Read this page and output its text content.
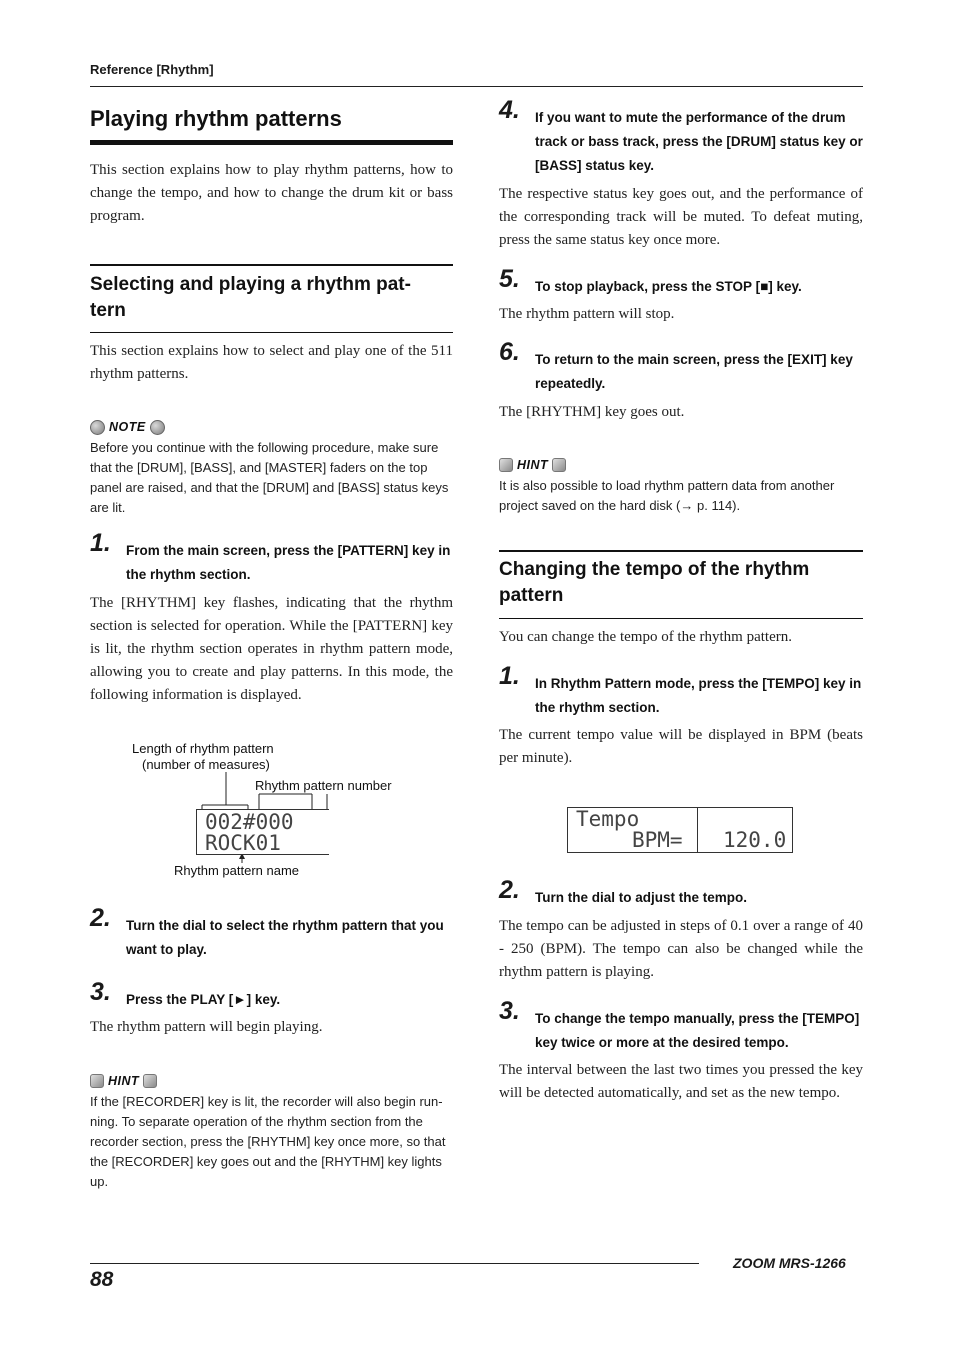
Reference [Rhythm]
Playing rhythm patterns
This section explains how to play rhythm patterns, how to change the tempo, and how to change the drum kit or bass program.
Selecting and playing a rhythm pat-
tern
This section explains how to select and play one of the 511 rhythm patterns.
NOTE
Before you continue with the following procedure, make sure that the [DRUM], [BASS], and [MASTER] faders on the top panel are raised, and that the [DRUM] and [BASS] status keys are lit.
1.	From the main screen, press the [PATTERN] key in the rhythm section.
The [RHYTHM] key flashes, indicating that the rhythm section is selected for operation. While the [PATTERN] key is lit, the rhythm section operates in rhythm pattern mode, allowing you to create and play patterns. In this mode, the following information is displayed.
Length of rhythm pattern
(number of measures)
Rhythm pattern number
002#000
ROCK01
Rhythm pattern name
2.	Turn the dial to select the rhythm pattern that you want to play.
3.	Press the PLAY [►] key.
The rhythm pattern will begin playing.
HINT
If the [RECORDER] key is lit, the recorder will also begin run-ning. To separate operation of the rhythm section from the recorder section, press the [RHYTHM] key once more, so that the [RECORDER] key goes out and the [RHYTHM] key lights up.
4.	If you want to mute the performance of the drum track or bass track, press the [DRUM] status key or [BASS] status key.
The respective status key goes out, and the performance of the corresponding track will be muted. To defeat muting, press the same status key once more.
5.	To stop playback, press the STOP [■] key.
The rhythm pattern will stop.
6.	To return to the main screen, press the [EXIT] key repeatedly.
The [RHYTHM] key goes out.
HINT
It is also possible to load rhythm pattern data from another project saved on the hard disk (→ p. 114).
Changing the tempo of the rhythm
pattern
You can change the tempo of the rhythm pattern.
1.	In Rhythm Pattern mode, press the [TEMPO] key in the rhythm section.
The current tempo value will be displayed in BPM (beats per minute).
Tempo
BPM= 120.0
2.	Turn the dial to adjust the tempo.
The tempo can be adjusted in steps of 0.1 over a range of 40 - 250 (BPM). The tempo can also be changed while the rhythm pattern is playing.
3.	To change the tempo manually, press the [TEMPO] key twice or more at the desired tempo.
The interval between the last two times you pressed the key will be detected automatically, and set as the new tempo.
88
ZOOM MRS-1266
